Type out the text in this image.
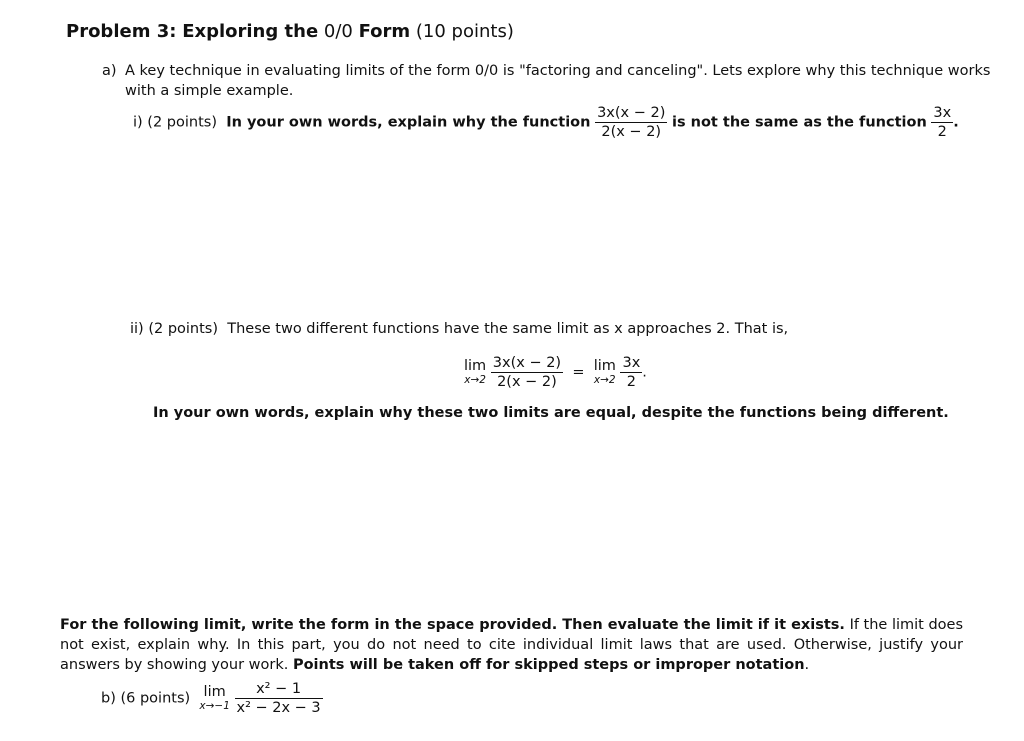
Problem 3: Exploring the 0/0 Form (10 points)
a) A key technique in evaluating limits of the form 0/0 is "factoring and canceling". Lets explore why this technique works
with a simple example.
i) (2 points) In your own words, explain why the function $\frac{3x(x - 2)}{2(x - 2)}$ is not the same as the function $\frac{3x}{2}$ .
ii) (2 points) These two different functions have the same limit as x approaches 2. That is,
lim
x→2
$\frac{3x(x - 2)}{2(x - 2)} = \lim$
x→2
$\frac{3x}{2}$ .
In your own words, explain why these two limits are equal, despite the functions being different.
For the following limit, write the form in the space provided. Then evaluate the limit if it exists. If the limit does not exist, explain why. In this part, you do not need to cite individual limit laws that are used. Otherwise, justify your answers by showing your work. Points will be taken off for skipped steps or improper notation.
b) (6 points) lim
x→−1
$\frac{\text{x² − 1}}{\text{x² − 2x − 3}}$
